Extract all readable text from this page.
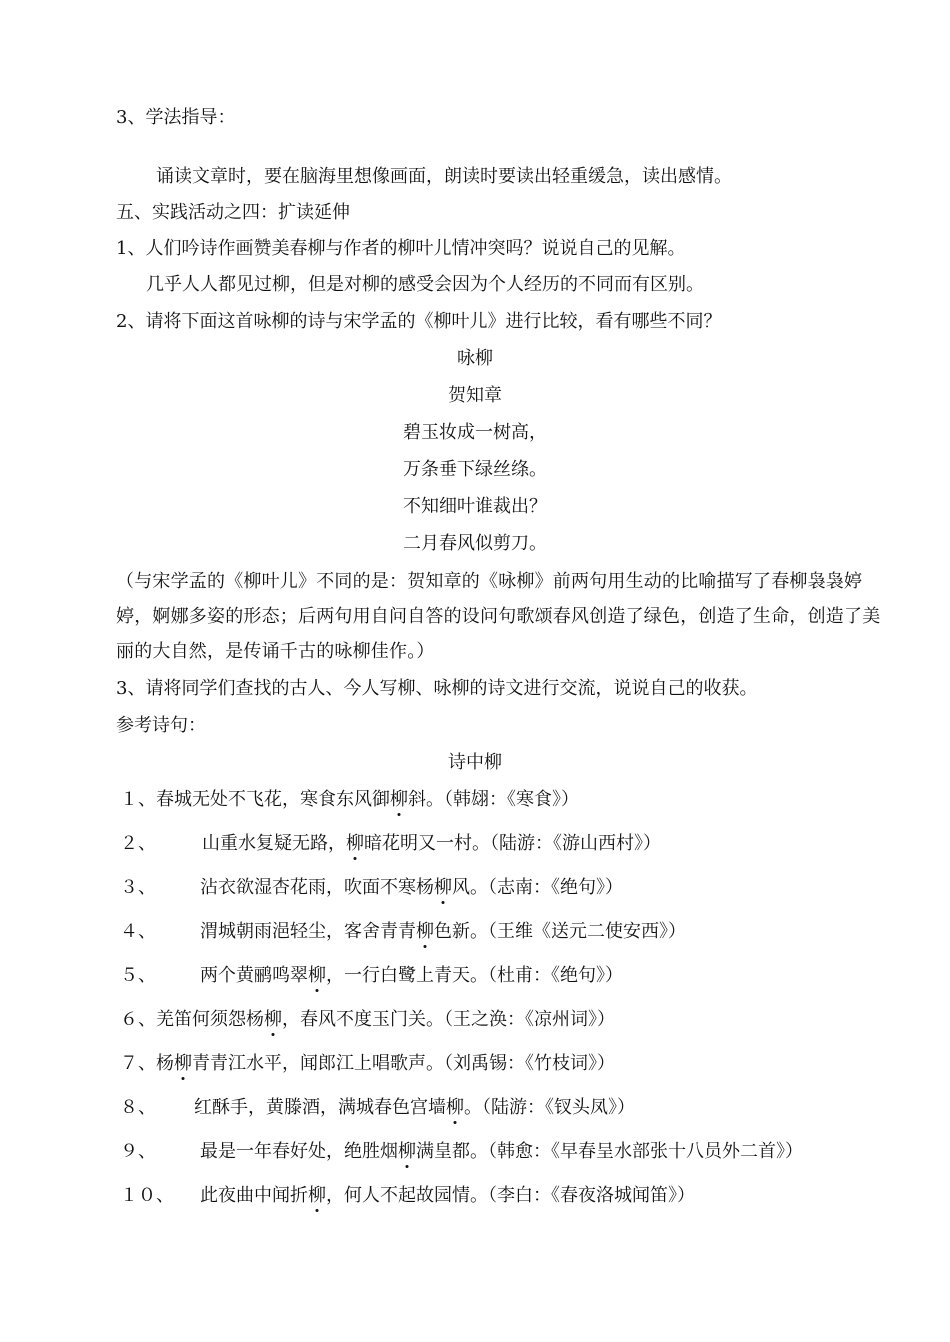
3、学法指导：
诵读文章时，要在脑海里想像画面，朗读时要读出轻重缓急，读出感情。
五、实践活动之四：扩读延伸
1、人们吟诗作画赞美春柳与作者的柳叶儿情冲突吗？说说自己的见解。
几乎人人都见过柳，但是对柳的感受会因为个人经历的不同而有区别。
2、请将下面这首咏柳的诗与宋学孟的《柳叶儿》进行比较，看有哪些不同？
咏柳
贺知章
碧玉妆成一树高，
万条垂下绿丝绦。
不知细叶谁裁出？
二月春风似剪刀。
（与宋学孟的《柳叶儿》不同的是：贺知章的《咏柳》前两句用生动的比喻描写了春柳袅袅婷婷，婀娜多姿的形态；后两句用自问自答的设问句歌颂春风创造了绿色，创造了生命，创造了美丽的大自然，是传诵千古的咏柳佳作。）
3、请将同学们查找的古人、今人写柳、咏柳的诗文进行交流，说说自己的收获。
参考诗句：
诗中柳
１、春城无处不飞花，寒食东风御柳斜。（韩翃：《寒食》）
２、	山重水复疑无路，柳暗花明又一村。（陆游：《游山西村》）
３、 沾衣欲湿杏花雨，吹面不寒杨柳风。（志南：《绝句》）
４、 渭城朝雨浥轻尘，客舍青青柳色新。（王维《送元二使安西》）
５、 两个黄鹂鸣翠柳，一行白鹭上青天。（杜甫：《绝句》）
６、羌笛何须怨杨柳，春风不度玉门关。（王之涣：《凉州词》）
７、杨柳青青江水平，闻郎江上唱歌声。（刘禹锡：《竹枝词》）
８、 红酥手，黄滕酒，满城春色宫墙柳。（陆游：《钗头凤》）
９、 最是一年春好处，绝胜烟柳满皇都。（韩愈：《早春呈水部张十八员外二首》）
１０、 此夜曲中闻折柳，何人不起故园情。（李白：《春夜洛城闻笛》）
